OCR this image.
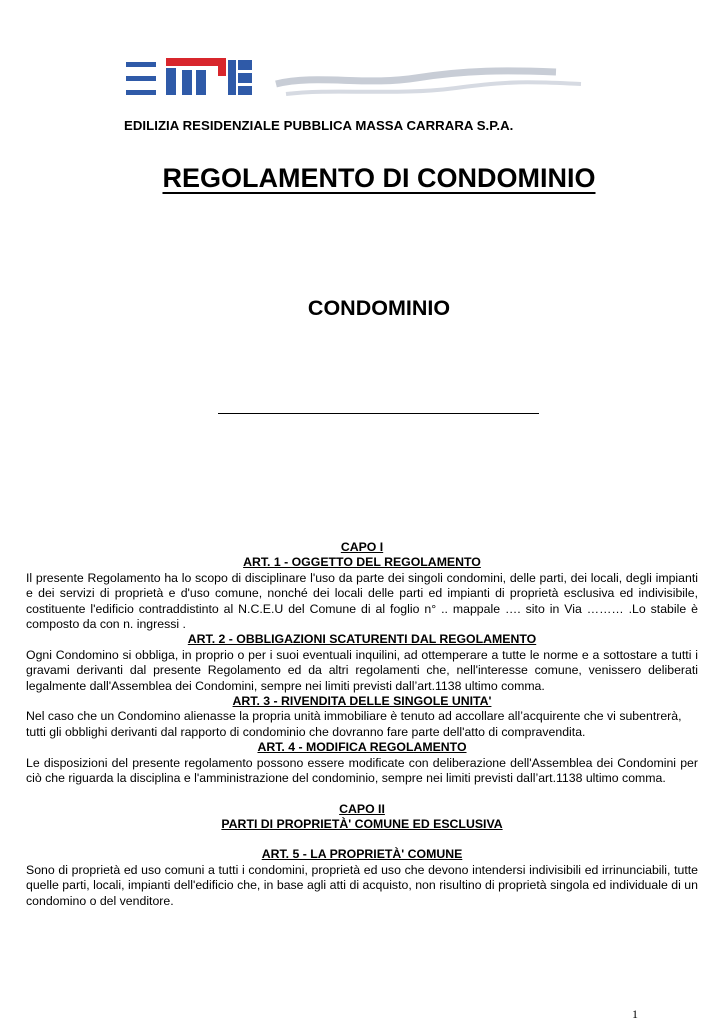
EDILIZIA RESIDENZIALE PUBBLICA MASSA CARRARA S.P.A.
REGOLAMENTO DI CONDOMINIO
CONDOMINIO
CAPO I
ART. 1 - OGGETTO DEL REGOLAMENTO

Il presente Regolamento ha lo scopo di disciplinare l'uso da parte dei singoli condomini, delle parti, dei locali, degli impianti e dei servizi di proprietà e d'uso comune, nonché dei locali delle parti ed impianti di proprietà esclusiva ed indivisibile, costituente l'edificio contraddistinto al N.C.E.U del Comune di al foglio n° .. mappale …. sito in Via ……… .Lo stabile è composto da con n. ingressi .

ART. 2 - OBBLIGAZIONI SCATURENTI DAL REGOLAMENTO

Ogni Condomino si obbliga, in proprio o per i suoi eventuali inquilini, ad ottemperare a tutte le norme e a sottostare a tutti i gravami derivanti dal presente Regolamento ed da altri regolamenti che, nell'interesse comune, venissero deliberati legalmente dall'Assemblea dei Condomini, sempre nei limiti previsti dall’art.1138 ultimo comma.

ART. 3 - RIVENDITA DELLE SINGOLE UNITA'

Nel caso che un Condomino alienasse la propria unità immobiliare è tenuto ad accollare all’acquirente che vi subentrerà,

tutti gli obblighi derivanti dal rapporto di condominio che dovranno fare parte dell'atto di compravendita.

ART. 4 - MODIFICA REGOLAMENTO

Le disposizioni del presente regolamento possono essere modificate con deliberazione dell'Assemblea dei Condomini per ciò che riguarda la disciplina e l'amministrazione del condominio, sempre nei limiti previsti dall’art.1138 ultimo comma.

CAPO II
PARTI DI PROPRIETÀ' COMUNE ED ESCLUSIVA
ART. 5 - LA PROPRIETÀ' COMUNE

Sono di proprietà ed uso comuni a tutti i condomini, proprietà ed uso che devono intendersi indivisibili ed irrinunciabili, tutte quelle parti, locali, impianti dell'edificio che, in base agli atti di acquisto, non risultino di proprietà singola ed individuale di un condomino o del venditore.

1
